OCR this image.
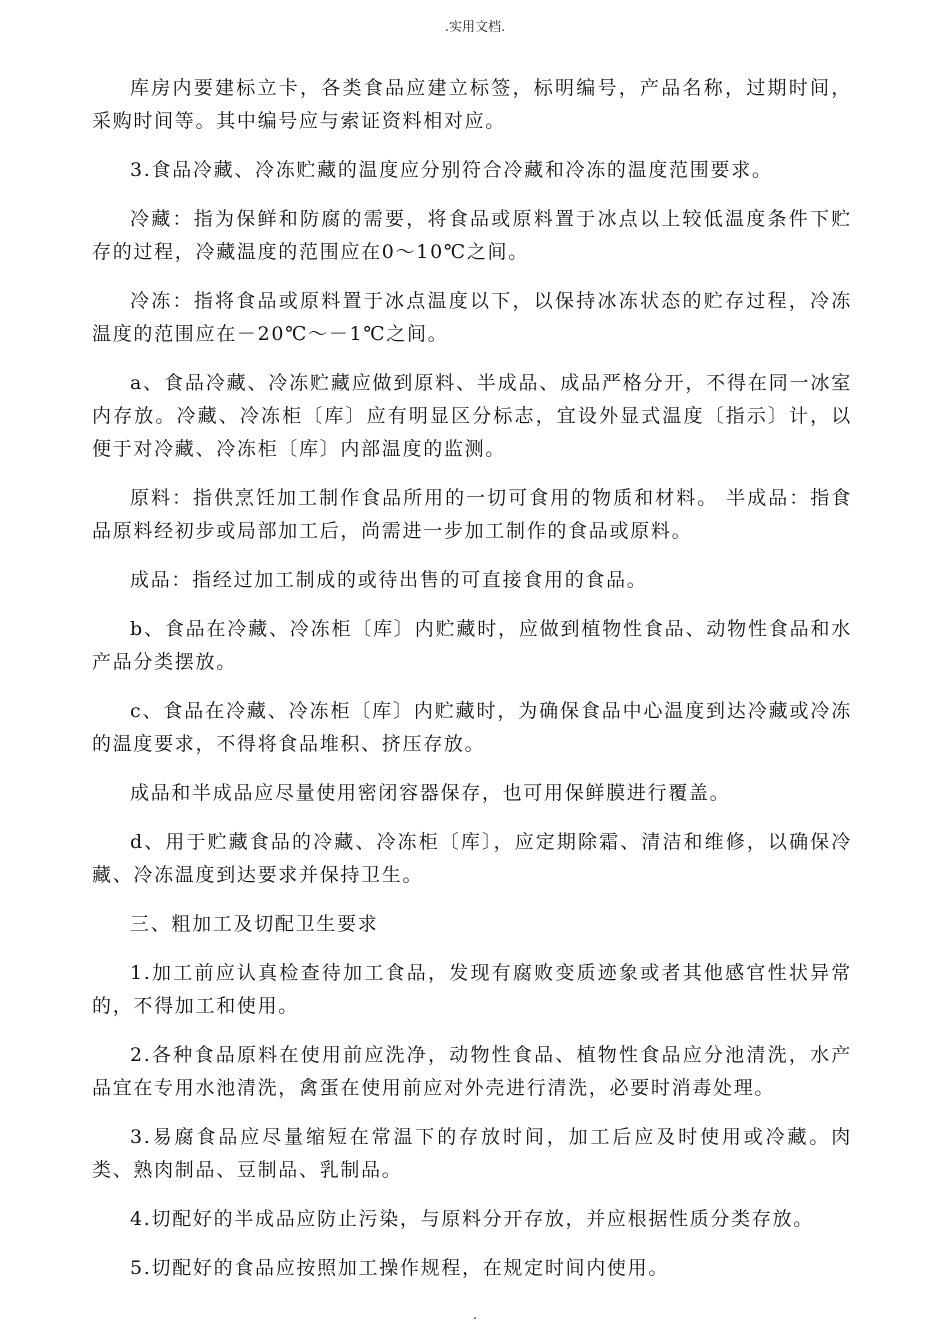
.实用文档.

库房内要建标立卡，各类食品应建立标签，标明编号，产品名称，过期时间，采购时间等。其中编号应与索证资料相对应。

3.食品冷藏、冷冻贮藏的温度应分别符合冷藏和冷冻的温度范围要求。

冷藏：指为保鲜和防腐的需要，将食品或原料置于冰点以上较低温度条件下贮存的过程，冷藏温度的范围应在0～10℃之间。

冷冻：指将食品或原料置于冰点温度以下，以保持冰冻状态的贮存过程，冷冻温度的范围应在－20℃～－1℃之间。

a、食品冷藏、冷冻贮藏应做到原料、半成品、成品严格分开，不得在同一冰室内存放。冷藏、冷冻柜〔库〕应有明显区分标志，宜设外显式温度〔指示〕计，以便于对冷藏、冷冻柜〔库〕内部温度的监测。

原料：指供烹饪加工制作食品所用的一切可食用的物质和材料。 半成品：指食品原料经初步或局部加工后，尚需进一步加工制作的食品或原料。

成品：指经过加工制成的或待出售的可直接食用的食品。

b、食品在冷藏、冷冻柜〔库〕内贮藏时，应做到植物性食品、动物性食品和水产品分类摆放。

c、食品在冷藏、冷冻柜〔库〕内贮藏时，为确保食品中心温度到达冷藏或冷冻的温度要求，不得将食品堆积、挤压存放。

成品和半成品应尽量使用密闭容器保存，也可用保鲜膜进行覆盖。

d、用于贮藏食品的冷藏、冷冻柜〔库〕，应定期除霜、清洁和维修，以确保冷藏、冷冻温度到达要求并保持卫生。

三、粗加工及切配卫生要求

1.加工前应认真检查待加工食品，发现有腐败变质迹象或者其他感官性状异常的，不得加工和使用。

2.各种食品原料在使用前应洗净，动物性食品、植物性食品应分池清洗，水产品宜在专用水池清洗，禽蛋在使用前应对外壳进行清洗，必要时消毒处理。

3.易腐食品应尽量缩短在常温下的存放时间，加工后应及时使用或冷藏。肉类、熟肉制品、豆制品、乳制品。

4.切配好的半成品应防止污染，与原料分开存放，并应根据性质分类存放。

5.切配好的食品应按照加工操作规程，在规定时间内使用。

.
